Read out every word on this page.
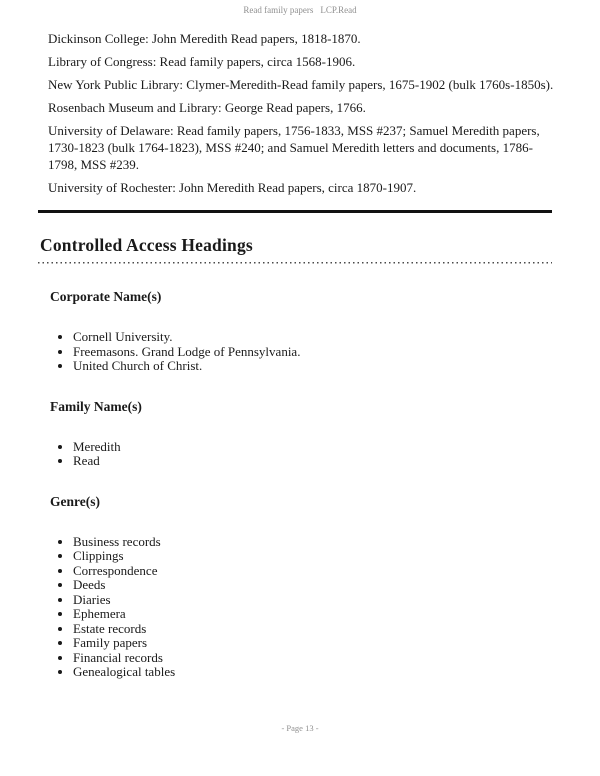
Read family papers LCP.Read

Dickinson College: John Meredith Read papers, 1818-1870.

Library of Congress: Read family papers, circa 1568-1906.

New York Public Library: Clymer-Meredith-Read family papers, 1675-1902 (bulk 1760s-1850s).

Rosenbach Museum and Library: George Read papers, 1766.

University of Delaware: Read family papers, 1756-1833, MSS #237; Samuel Meredith papers, 1730-1823 (bulk 1764-1823), MSS #240; and Samuel Meredith letters and documents, 1786-1798, MSS #239.

University of Rochester: John Meredith Read papers, circa 1870-1907.

Controlled Access Headings
Corporate Name(s)
• Cornell University.
• Freemasons. Grand Lodge of Pennsylvania.
• United Church of Christ.
Family Name(s)
• Meredith
• Read
Genre(s)
• Business records
• Clippings
• Correspondence
• Deeds
• Diaries
• Ephemera
• Estate records
• Family papers
• Financial records
• Genealogical tables
- Page 13 -
